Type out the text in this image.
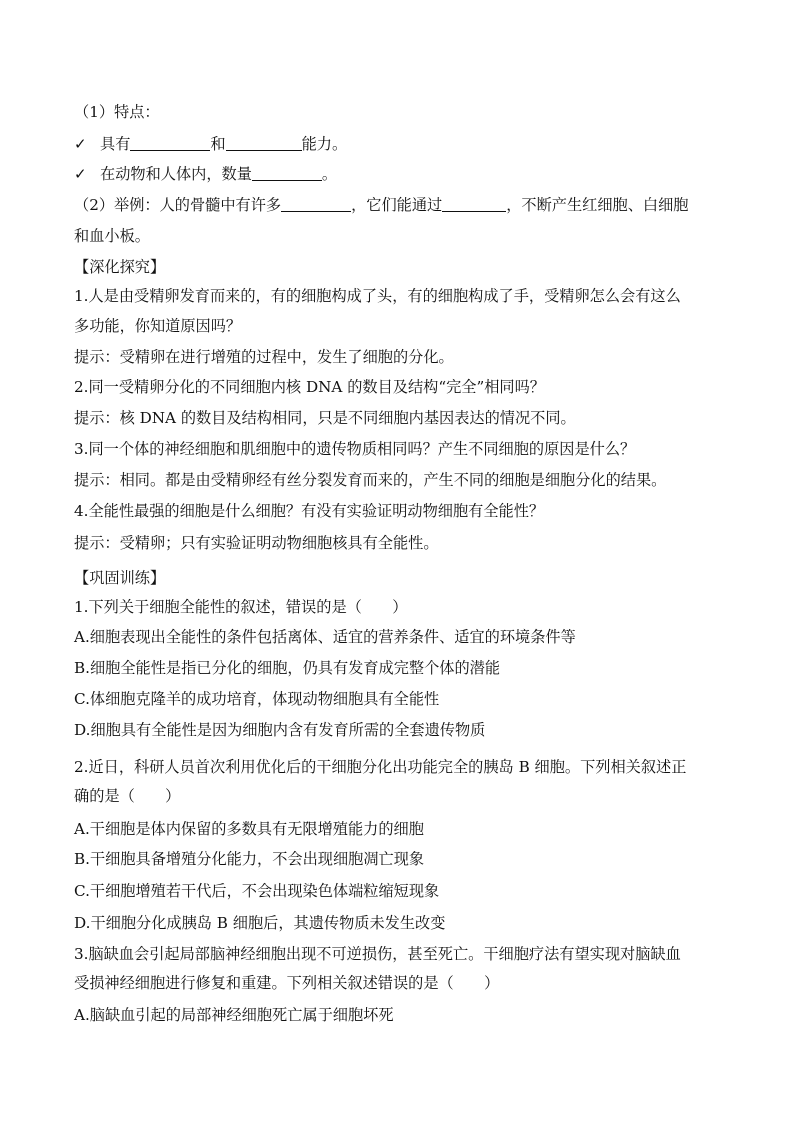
（1）特点：
✓ 具有	和	能力。
✓ 在动物和人体内，数量	。
（2）举例：人的骨髓中有许多	，它们能通过	，不断产生红细胞、白细胞
和血小板。
【深化探究】
1.人是由受精卵发育而来的，有的细胞构成了头，有的细胞构成了手，受精卵怎么会有这么
多功能，你知道原因吗？
提示：受精卵在进行增殖的过程中，发生了细胞的分化。
2.同一受精卵分化的不同细胞内核 DNA 的数目及结构“完全”相同吗？
提示：核 DNA 的数目及结构相同，只是不同细胞内基因表达的情况不同。
3.同一个体的神经细胞和肌细胞中的遗传物质相同吗？产生不同细胞的原因是什么？
提示：相同。都是由受精卵经有丝分裂发育而来的，产生不同的细胞是细胞分化的结果。
4.全能性最强的细胞是什么细胞？有没有实验证明动物细胞有全能性？
提示：受精卵；只有实验证明动物细胞核具有全能性。
【巩固训练】
1.下列关于细胞全能性的叙述，错误的是（　　）
A.细胞表现出全能性的条件包括离体、适宜的营养条件、适宜的环境条件等
B.细胞全能性是指已分化的细胞，仍具有发育成完整个体的潜能
C.体细胞克隆羊的成功培育，体现动物细胞具有全能性
D.细胞具有全能性是因为细胞内含有发育所需的全套遗传物质
2.近日，科研人员首次利用优化后的干细胞分化出功能完全的胰岛 B 细胞。下列相关叙述正
确的是（　　）
A.干细胞是体内保留的多数具有无限增殖能力的细胞
B.干细胞具备增殖分化能力，不会出现细胞凋亡现象
C.干细胞增殖若干代后，不会出现染色体端粒缩短现象
D.干细胞分化成胰岛 B 细胞后，其遗传物质未发生改变
3.脑缺血会引起局部脑神经细胞出现不可逆损伤，甚至死亡。干细胞疗法有望实现对脑缺血
受损神经细胞进行修复和重建。下列相关叙述错误的是（　　）
A.脑缺血引起的局部神经细胞死亡属于细胞坏死
